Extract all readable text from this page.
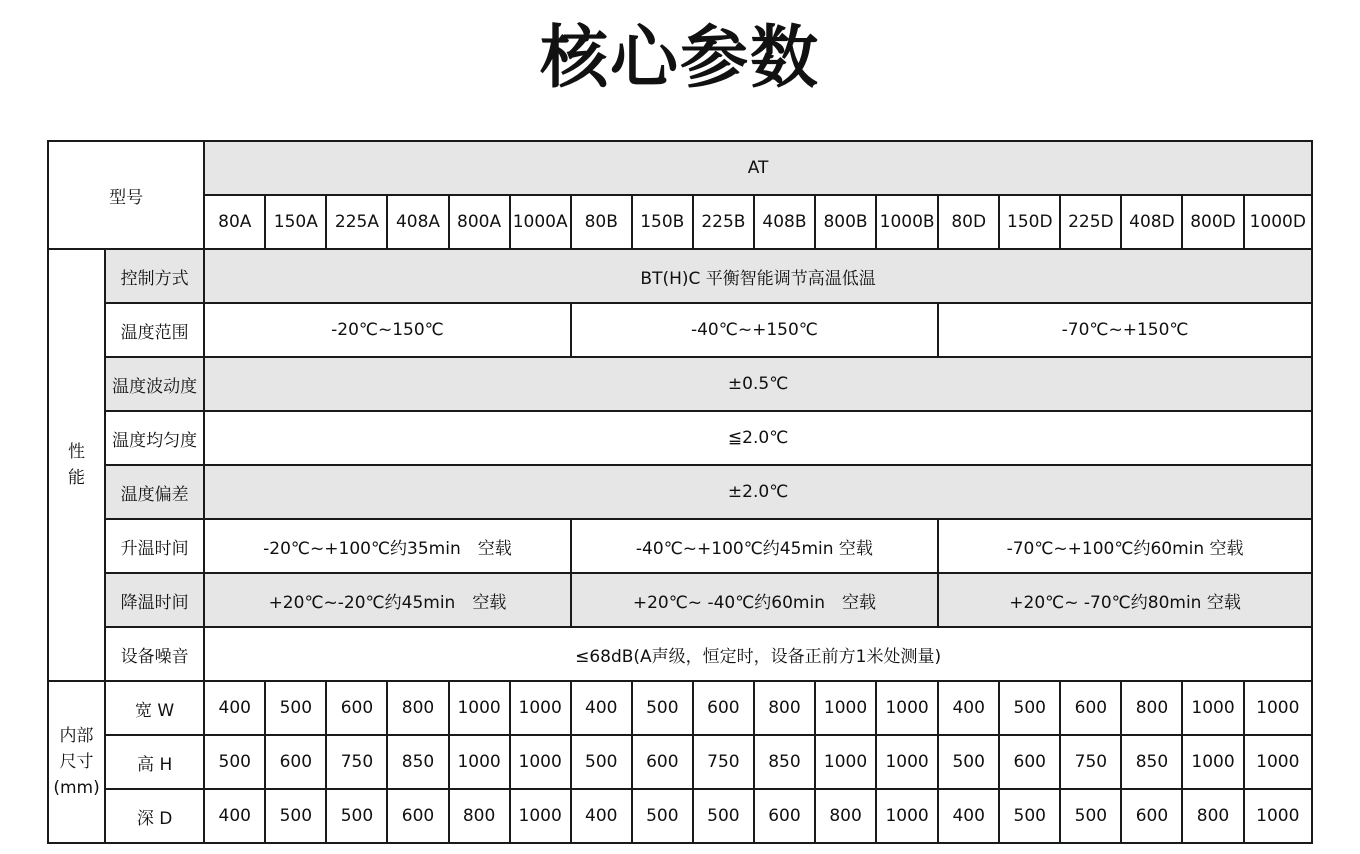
核心参数
型号		AT																	
		80A	150A	225A	408A	800A	1000A	80B	150B	225B	408B	800B	1000B	80D	150D	225D	408D	800D	1000D
性
能	控制方式	BT(H)C 平衡智能调节高温低温																	
	温度范围	-20℃~150℃						-40℃~+150℃						-70℃~+150℃					
	温度波动度	±0.5℃																	
	温度均匀度	≦2.0℃																	
	温度偏差	±2.0℃																	
	升温时间	-20℃~+100℃约35min　空载						-40℃~+100℃约45min 空载						-70℃~+100℃约60min 空载					
	降温时间	+20℃~-20℃约45min　空载						+20℃~ -40℃约60min　空载						+20℃~ -70℃约80min 空载					
	设备噪音	≤68dB(A声级，恒定时，设备正前方1米处测量)																	
内部
尺寸
(mm)	宽 W	400	500	600	800	1000	1000	400	500	600	800	1000	1000	400	500	600	800	1000	1000
	高 H	500	600	750	850	1000	1000	500	600	750	850	1000	1000	500	600	750	850	1000	1000
	深 D	400	500	500	600	800	1000	400	500	500	600	800	1000	400	500	500	600	800	1000
